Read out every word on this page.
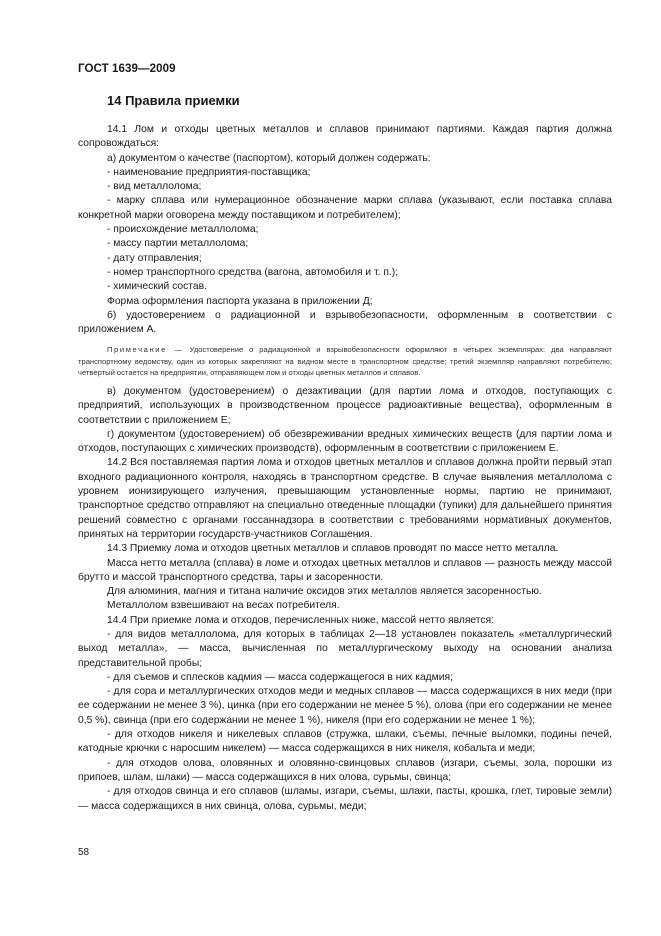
ГОСТ 1639—2009
14 Правила приемки

14.1 Лом и отходы цветных металлов и сплавов принимают партиями. Каждая партия должна сопровождаться:

а) документом о качестве (паспортом), который должен содержать:

- наименование предприятия-поставщика;

- вид металлолома;

- марку сплава или нумерационное обозначение марки сплава (указывают, если поставка сплава конкретной марки оговорена между поставщиком и потребителем);

- происхождение металлолома;

- массу партии металлолома;

- дату отправления;

- номер транспортного средства (вагона, автомобиля и т. п.);

- химический состав.

Форма оформления паспорта указана в приложении Д;

б) удостоверением о радиационной и взрывобезопасности, оформленным в соответствии с приложением А.

Примечание — Удостоверение о радиационной и взрывобезопасности оформляют в четырех экземплярах: два направляют транспортному ведомству, один из которых закрепляют на видном месте в транспортном средстве; третий экземпляр направляют потребителю; четвертый остается на предприятии, отправляющем лом и отходы цветных металлов и сплавов.

в) документом (удостоверением) о дезактивации (для партии лома и отходов, поступающих с предприятий, использующих в производственном процессе радиоактивные вещества), оформленным в соответствии с приложением Е;

г) документом (удостоверением) об обезвреживании вредных химических веществ (для партии лома и отходов, поступающих с химических производств), оформленным в соответствии с приложением Е.

14.2 Вся поставляемая партия лома и отходов цветных металлов и сплавов должна пройти первый этап входного радиационного контроля, находясь в транспортном средстве. В случае выявления металлолома с уровнем ионизирующего излучения, превышающим установленные нормы, партию не принимают, транспортное средство отправляют на специально отведенные площадки (тупики) для дальнейшего принятия решений совместно с органами госсаннадзора в соответствии с требованиями нормативных документов, принятых на территории государств-участников Соглашения.

14.3 Приемку лома и отходов цветных металлов и сплавов проводят по массе нетто металла.

Масса нетто металла (сплава) в ломе и отходах цветных металлов и сплавов — разность между массой брутто и массой транспортного средства, тары и засоренности.

Для алюминия, магния и титана наличие оксидов этих металлов является засоренностью.

Металлолом взвешивают на весах потребителя.

14.4 При приемке лома и отходов, перечисленных ниже, массой нетто является:

- для видов металлолома, для которых в таблицах 2—18 установлен показатель «металлургический выход металла», — масса, вычисленная по металлургическому выходу на основании анализа представительной пробы;

- для съемов и сплесков кадмия — масса содержащегося в них кадмия;

- для сора и металлургических отходов меди и медных сплавов — масса содержащихся в них меди (при ее содержании не менее 3 %), цинка (при его содержании не менее 5 %), олова (при его содержании не менее 0,5 %), свинца (при его содержании не менее 1 %), никеля (при его содержании не менее 1 %);

- для отходов никеля и никелевых сплавов (стружка, шлаки, съемы, печные выломки, подины печей, катодные крючки с наросшим никелем) — масса содержащихся в них никеля, кобальта и меди;

- для отходов олова, оловянных и оловянно-свинцовых сплавов (изгари, съемы, зола, порошки из припоев, шлам, шлаки) — масса содержащихся в них олова, сурьмы, свинца;

- для отходов свинца и его сплавов (шламы, изгари, съемы, шлаки, пасты, крошка, глет, тировые земли) — масса содержащихся в них свинца, олова, сурьмы, меди;

58
